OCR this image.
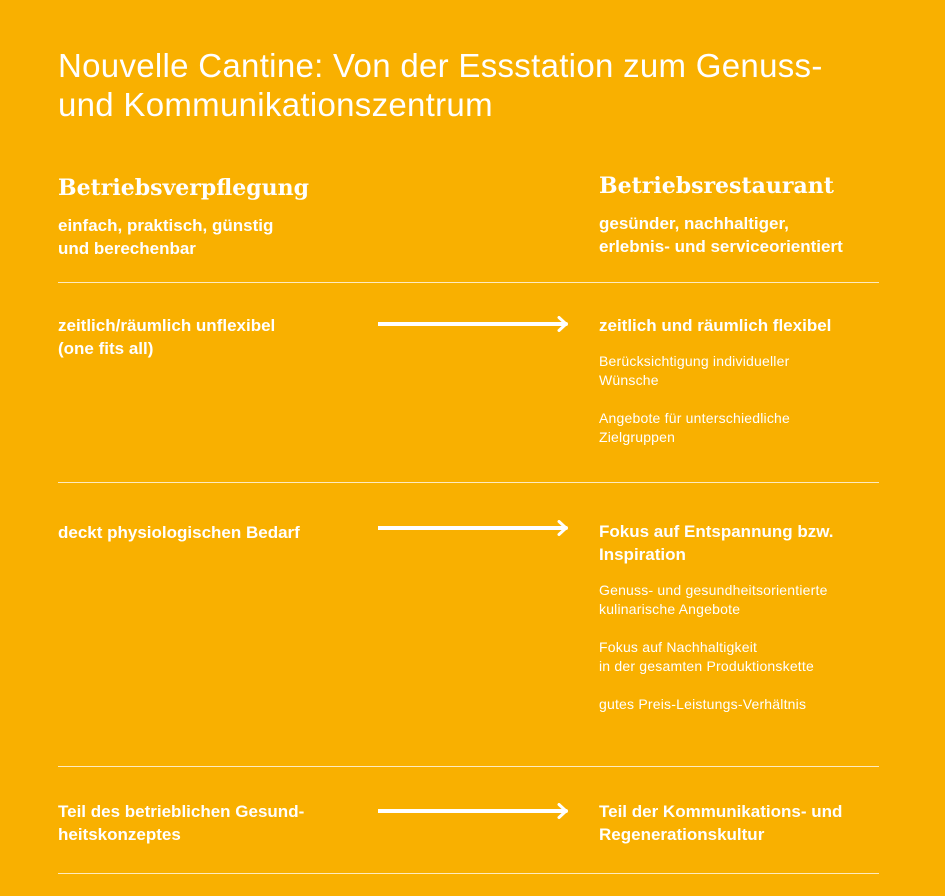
Nouvelle Cantine: Von der Essstation zum Genuss-
und Kommunikationszentrum
Betriebsverpflegung
einfach, praktisch, günstig
und berechenbar
Betriebsrestaurant
gesünder, nachhaltiger,
erlebnis- und serviceorientiert
zeitlich/räumlich unflexibel
(one fits all)
zeitlich und räumlich flexibel
Berücksichtigung individueller
Wünsche
Angebote für unterschiedliche
Zielgruppen
deckt physiologischen Bedarf	Fokus auf Entspannung bzw.
Inspiration
Genuss- und gesundheitsorientierte
kulinarische Angebote
Fokus auf Nachhaltigkeit
in der gesamten Produktionskette
gutes Preis-Leistungs-Verhältnis
Teil des betrieblichen Gesund-
heitskonzeptes
Teil der Kommunikations- und
Regenerationskultur
